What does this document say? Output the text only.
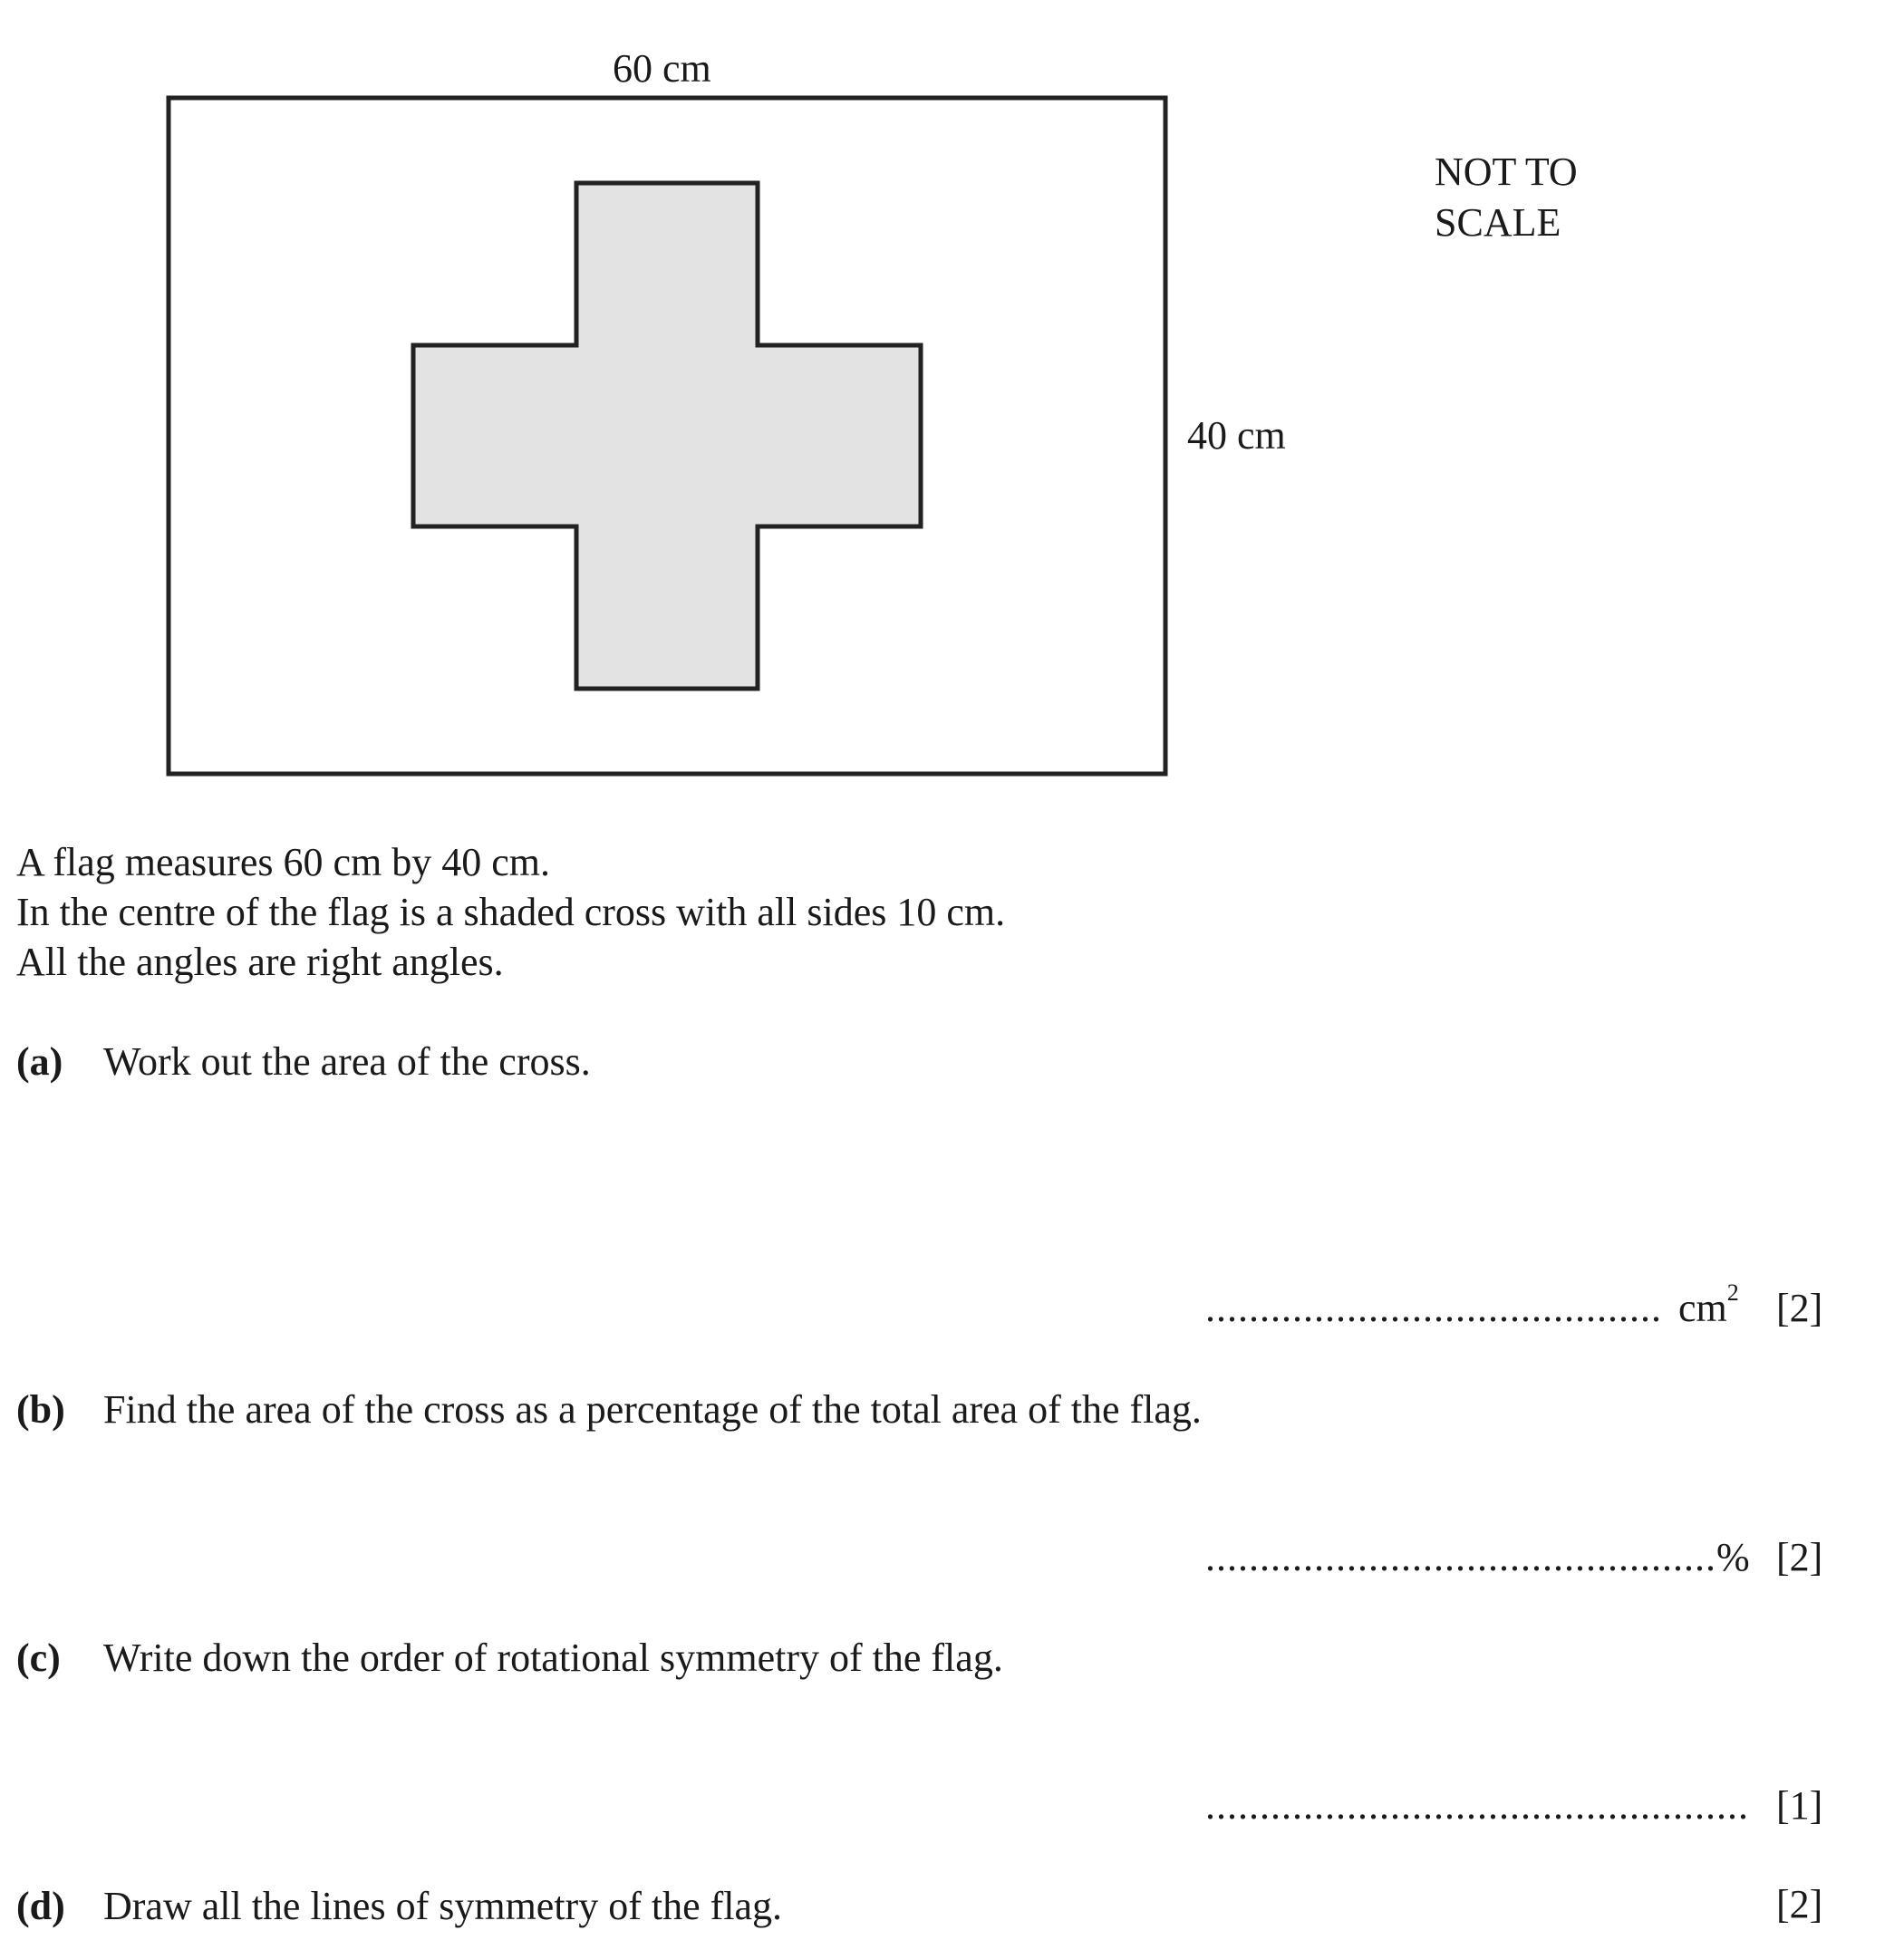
60 cm
40 cm
NOT TO
SCALE
A flag measures 60 cm by 40 cm.
In the centre of the flag is a shaded cross with all sides 10 cm.
All the angles are right angles.
(a) Work out the area of the cross.
.......................................... $cm^2$ [2]
(b) Find the area of the cross as a percentage of the total area of the flag.
............................................... % [2]
(c) Write down the order of rotational symmetry of the flag.
.................................................. [1]
(d) Draw all the lines of symmetry of the flag.	[2]
